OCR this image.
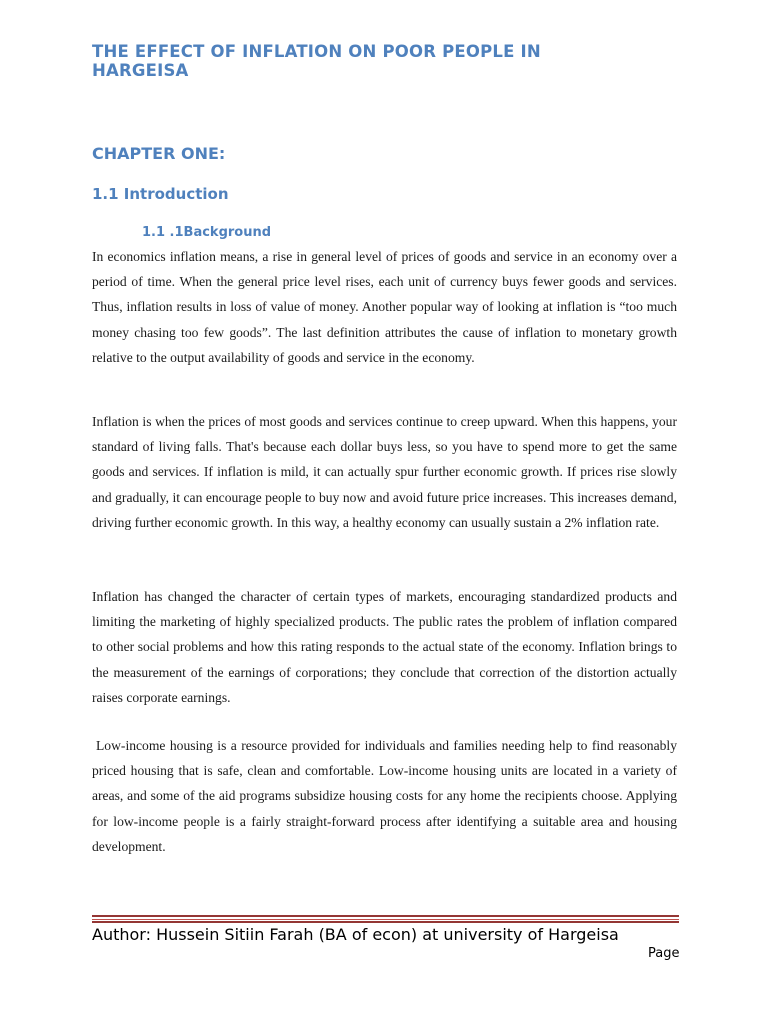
THE EFFECT OF INFLATION ON POOR PEOPLE IN HARGEISA
CHAPTER ONE:
1.1 Introduction
1.1 .1Background

In economics inflation means, a rise in general level of prices of goods and service in an economy over a period of time. When the general price level rises, each unit of currency buys fewer goods and services. Thus, inflation results in loss of value of money. Another popular way of looking at inflation is “too much money chasing too few goods”. The last definition attributes the cause of inflation to monetary growth relative to the output availability of goods and service in the economy.

Inflation is when the prices of most goods and services continue to creep upward. When this happens, your standard of living falls. That's because each dollar buys less, so you have to spend more to get the same goods and services. If inflation is mild, it can actually spur further economic growth. If prices rise slowly and gradually, it can encourage people to buy now and avoid future price increases. This increases demand, driving further economic growth. In this way, a healthy economy can usually sustain a 2% inflation rate.

Inflation has changed the character of certain types of markets, encouraging standardized products and limiting the marketing of highly specialized products. The public rates the problem of inflation compared to other social problems and how this rating responds to the actual state of the economy. Inflation brings to the measurement of the earnings of corporations; they conclude that correction of the distortion actually raises corporate earnings.

Low-income housing is a resource provided for individuals and families needing help to find reasonably priced housing that is safe, clean and comfortable. Low-income housing units are located in a variety of areas, and some of the aid programs subsidize housing costs for any home the recipients choose. Applying for low-income people is a fairly straight-forward process after identifying a suitable area and housing development.

Author: Hussein Sitiin Farah (BA of econ) at university of Hargeisa

Page
